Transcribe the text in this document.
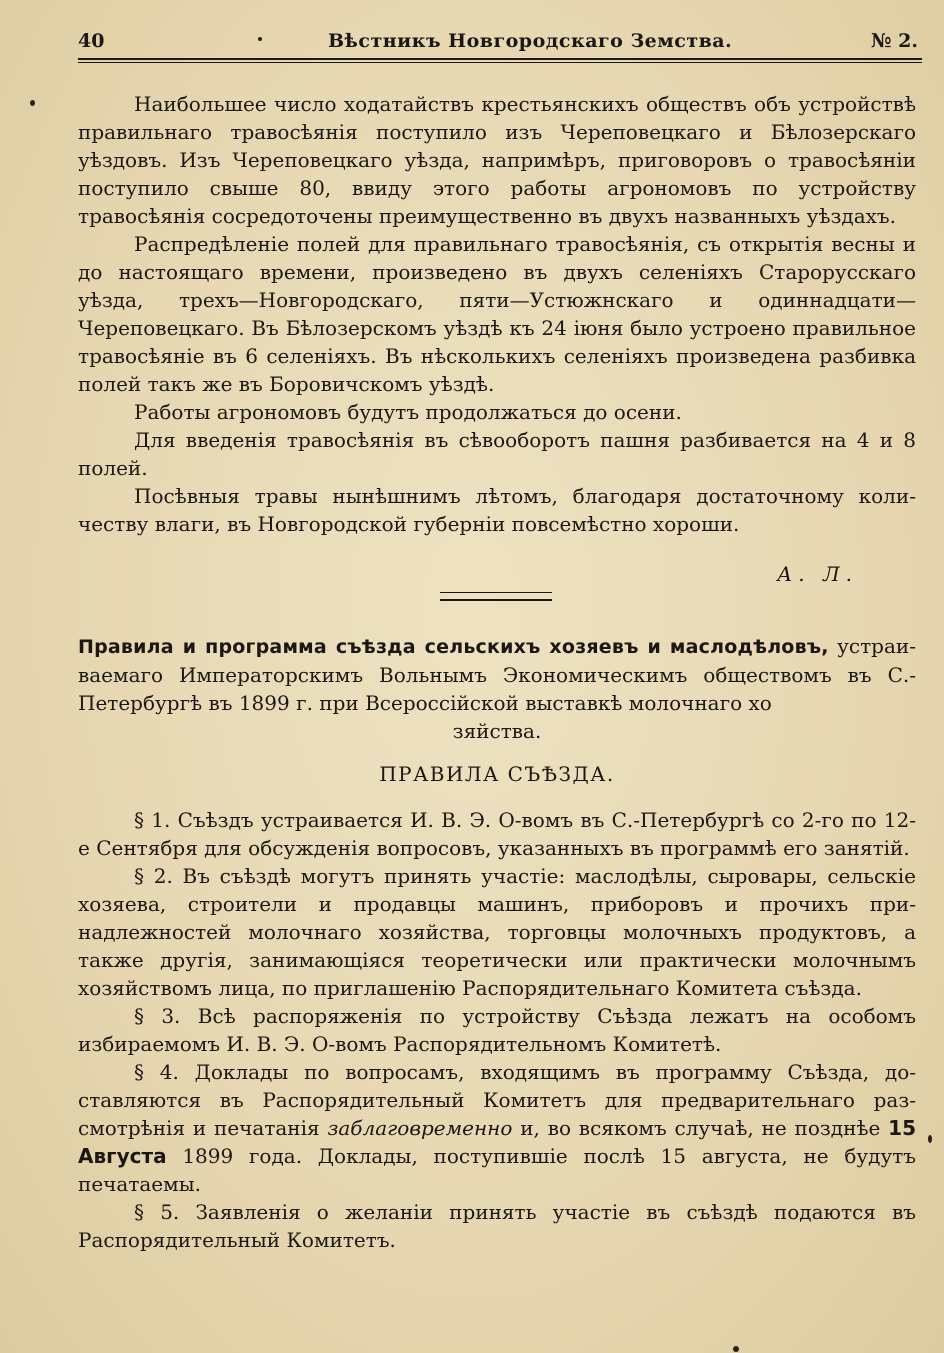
40	Вѣстникъ Новгородскаго Земства.	№ 2.

Наибольшее число ходатайствъ крестьянскихъ обществъ объ устройствѣ правильнаго травосѣянія поступило изъ Череповецкаго и Бѣлозерскаго уѣздовъ. Изъ Череповецкаго уѣзда, напримѣръ, приговоровъ о травосѣяніи поступило свыше 80, ввиду этого работы агрономовъ по устройству травосѣянія сосредоточены преимущественно въ двухъ названныхъ уѣздахъ.

Распредѣленіе полей для правильнаго травосѣянія, съ открытія весны и до настоящаго времени, произведено въ двухъ селеніяхъ Старорусскаго уѣзда, трехъ—Новгородскаго, пяти—Устюжнскаго и одиннадцати—Череповецкаго. Въ Бѣлозерскомъ уѣздѣ къ 24 іюня было устроено правильное травосѣяніе въ 6 селеніяхъ. Въ нѣсколькихъ селеніяхъ произведена разбивка полей такъ же въ Боровичскомъ уѣздѣ.

Работы агрономовъ будутъ продолжаться до осени.

Для введенія травосѣянія въ сѣвооборотъ пашня разбивается на 4 и 8 полей.

Посѣвныя травы нынѣшнимъ лѣтомъ, благодаря достаточному количеству влаги, въ Новгородской губерніи повсемѣстно хороши.

А. Л.

Правила и программа съѣзда сельскихъ хозяевъ и маслодѣловъ, устраиваемаго Императорскимъ Вольнымъ Экономическимъ обществомъ въ С.-Петербургѣ въ 1899 г. при Всероссійской выставкѣ молочнаго хо

зяйства.

ПРАВИЛА СЪѢЗДА.

§ 1. Съѣздъ устраивается И. В. Э. О-вомъ въ С.-Петербургѣ со 2-го по 12-е Сентября для обсужденія вопросовъ, указанныхъ въ программѣ его занятій.

§ 2. Въ съѣздѣ могутъ принять участіе: маслодѣлы, сыровары, сельскіе хозяева, строители и продавцы машинъ, приборовъ и прочихъ принадлежностей молочнаго хозяйства, торговцы молочныхъ продуктовъ, а также другія, занимающіяся теоретически или практически молочнымъ хозяйствомъ лица, по приглашенію Распорядительнаго Комитета съѣзда.

§ 3. Всѣ распоряженія по устройству Съѣзда лежатъ на особомъ избираемомъ И. В. Э. О-вомъ Распорядительномъ Комитетѣ.

§ 4. Доклады по вопросамъ, входящимъ въ программу Съѣзда, доставляются въ Распорядительный Комитетъ для предварительнаго разсмотрѣнія и печатанія заблаговременно и, во всякомъ случаѣ, не позднѣе 15 Августа 1899 года. Доклады, поступившіе послѣ 15 августа, не будутъ печатаемы.

§ 5. Заявленія о желаніи принять участіе въ съѣздѣ подаются въ Распорядительный Комитетъ.
